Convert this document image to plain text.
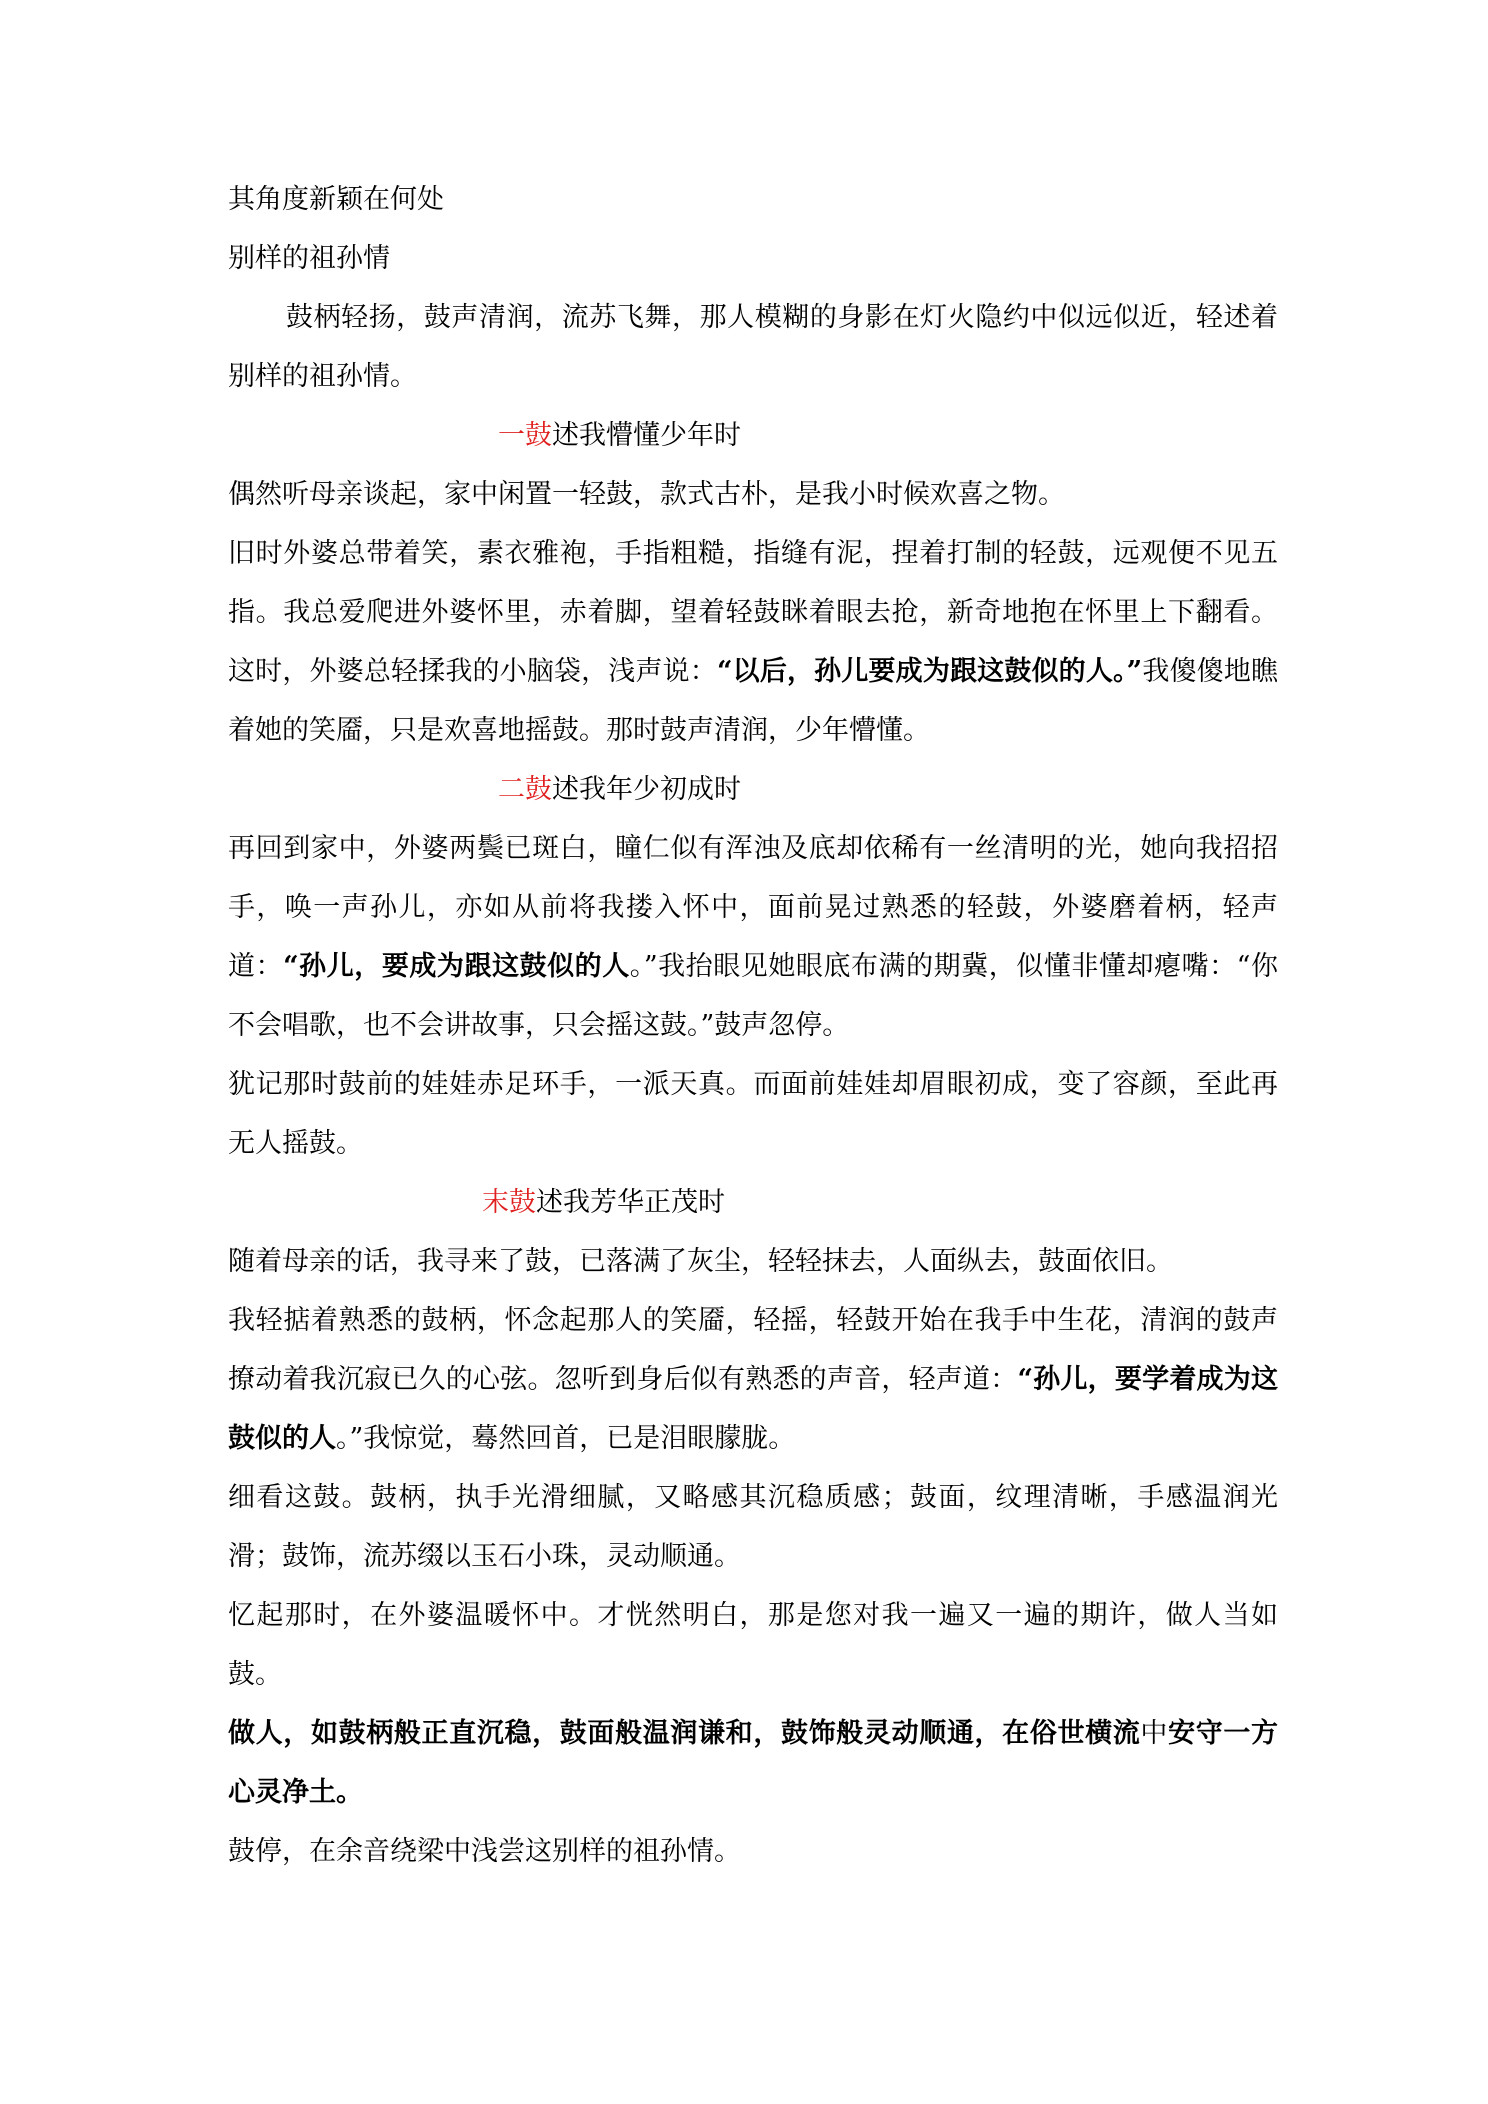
其角度新颖在何处

别样的祖孙情

鼓柄轻扬，鼓声清润，流苏飞舞，那人模糊的身影在灯火隐约中似远似近，轻述着别样的祖孙情。

一鼓述我懵懂少年时

偶然听母亲谈起，家中闲置一轻鼓，款式古朴，是我小时候欢喜之物。

旧时外婆总带着笑，素衣雅袍，手指粗糙，指缝有泥，捏着打制的轻鼓，远观便不见五指。我总爱爬进外婆怀里，赤着脚，望着轻鼓眯着眼去抢，新奇地抱在怀里上下翻看。这时，外婆总轻揉我的小脑袋，浅声说：“以后，孙儿要成为跟这鼓似的人。”我傻傻地瞧着她的笑靥，只是欢喜地摇鼓。那时鼓声清润，少年懵懂。

二鼓述我年少初成时

再回到家中，外婆两鬓已斑白，瞳仁似有浑浊及底却依稀有一丝清明的光，她向我招招手，唤一声孙儿，亦如从前将我搂入怀中，面前晃过熟悉的轻鼓，外婆磨着柄，轻声道：“孙儿，要成为跟这鼓似的人。”我抬眼见她眼底布满的期冀，似懂非懂却瘪嘴：“你不会唱歌，也不会讲故事，只会摇这鼓。”鼓声忽停。

犹记那时鼓前的娃娃赤足环手，一派天真。而面前娃娃却眉眼初成，变了容颜，至此再无人摇鼓。

末鼓述我芳华正茂时

随着母亲的话，我寻来了鼓，已落满了灰尘，轻轻抹去，人面纵去，鼓面依旧。

我轻掂着熟悉的鼓柄，怀念起那人的笑靥，轻摇，轻鼓开始在我手中生花，清润的鼓声撩动着我沉寂已久的心弦。忽听到身后似有熟悉的声音，轻声道：“孙儿，要学着成为这鼓似的人。”我惊觉，蓦然回首，已是泪眼朦胧。

细看这鼓。鼓柄，执手光滑细腻，又略感其沉稳质感；鼓面，纹理清晰，手感温润光滑；鼓饰，流苏缀以玉石小珠，灵动顺通。

忆起那时，在外婆温暖怀中。才恍然明白，那是您对我一遍又一遍的期许，做人当如鼓。

做人，如鼓柄般正直沉稳，鼓面般温润谦和，鼓饰般灵动顺通，在俗世横流中安守一方心灵净土。

鼓停，在余音绕梁中浅尝这别样的祖孙情。
